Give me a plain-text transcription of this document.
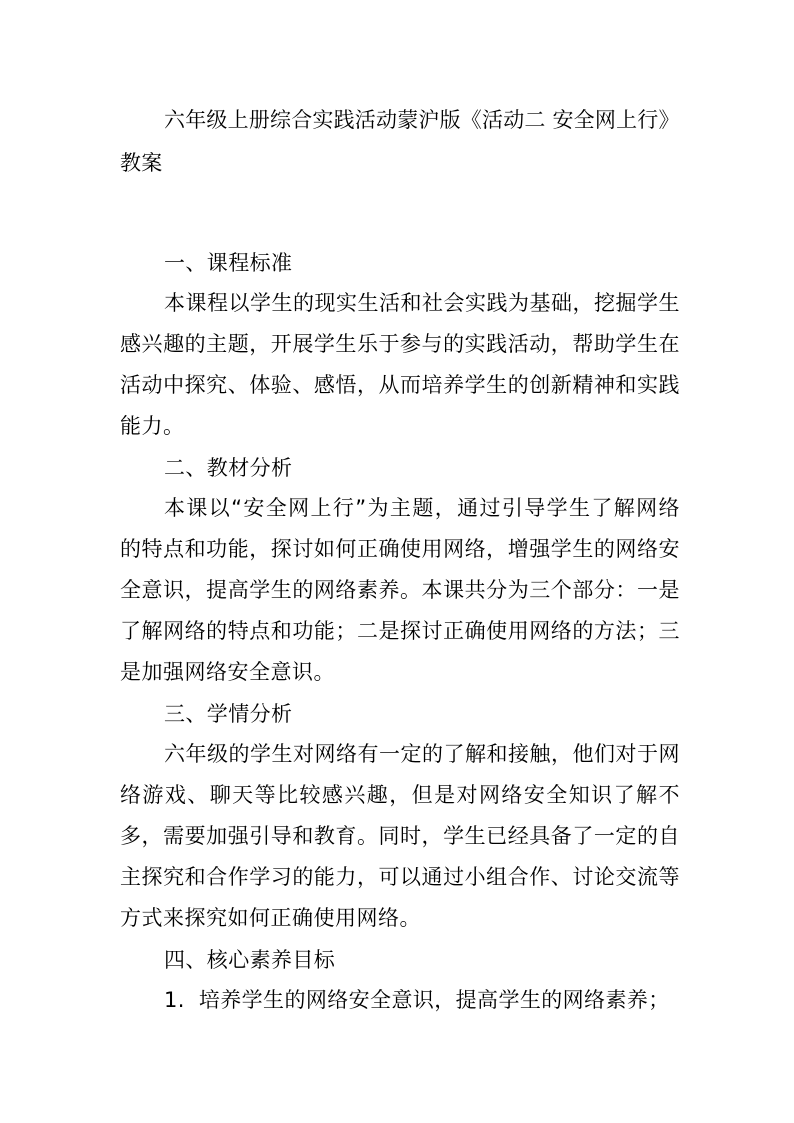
六年级上册综合实践活动蒙沪版《活动二 安全网上行》教案
一、课程标准

本课程以学生的现实生活和社会实践为基础，挖掘学生感兴趣的主题，开展学生乐于参与的实践活动，帮助学生在活动中探究、体验、感悟，从而培养学生的创新精神和实践能力。

二、教材分析

本课以“安全网上行”为主题，通过引导学生了解网络的特点和功能，探讨如何正确使用网络，增强学生的网络安全意识，提高学生的网络素养。本课共分为三个部分：一是了解网络的特点和功能；二是探讨正确使用网络的方法；三是加强网络安全意识。

三、学情分析

六年级的学生对网络有一定的了解和接触，他们对于网络游戏、聊天等比较感兴趣，但是对网络安全知识了解不多，需要加强引导和教育。同时，学生已经具备了一定的自主探究和合作学习的能力，可以通过小组合作、讨论交流等方式来探究如何正确使用网络。

四、核心素养目标

1. 培养学生的网络安全意识，提高学生的网络素养；
